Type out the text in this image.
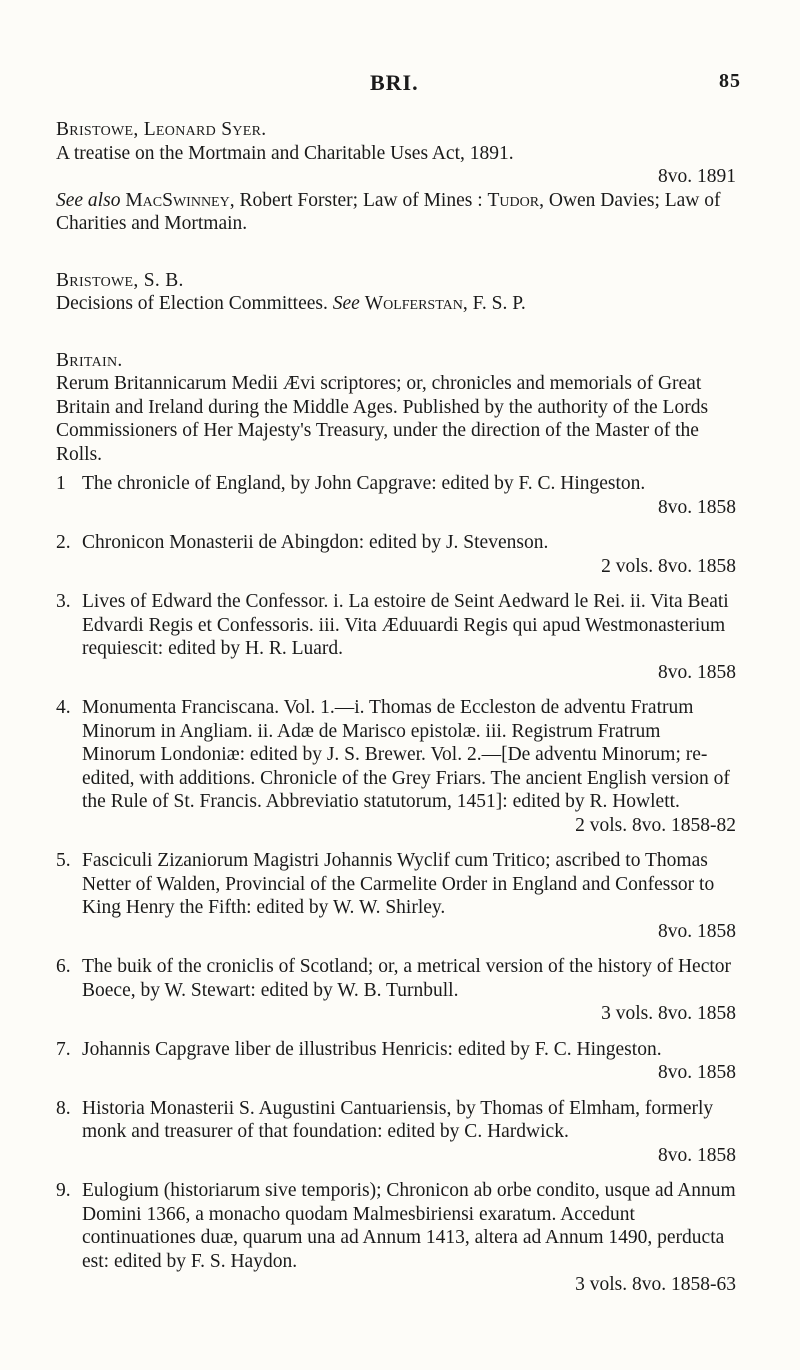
BRI.	85

Bristowe, Leonard Syer.

A treatise on the Mortmain and Charitable Uses Act, 1891.

8vo. 1891

See also MacSwinney, Robert Forster; Law of Mines : Tudor, Owen Davies; Law of Charities and Mortmain.

Bristowe, S. B.

Decisions of Election Committees. See Wolferstan, F. S. P.

Britain.

Rerum Britannicarum Medii Ævi scriptores; or, chronicles and memorials of Great Britain and Ireland during the Middle Ages. Published by the authority of the Lords Commissioners of Her Majesty's Treasury, under the direction of the Master of the Rolls.

1 The chronicle of England, by John Capgrave: edited by F. C. Hingeston.
8vo. 1858
2. Chronicon Monasterii de Abingdon: edited by J. Stevenson.
2 vols. 8vo. 1858
3. Lives of Edward the Confessor. i. La estoire de Seint Aedward le Rei. ii. Vita Beati Edvardi Regis et Confessoris. iii. Vita Æduuardi Regis qui apud Westmonasterium requiescit: edited by H. R. Luard.
8vo. 1858
4. Monumenta Franciscana. Vol. 1.—i. Thomas de Eccleston de adventu Fratrum Minorum in Angliam. ii. Adæ de Marisco epistolæ. iii. Registrum Fratrum Minorum Londoniæ: edited by J. S. Brewer. Vol. 2.—[De adventu Minorum; re-edited, with additions. Chronicle of the Grey Friars. The ancient English version of the Rule of St. Francis. Abbreviatio statutorum, 1451]: edited by R. Howlett.
2 vols. 8vo. 1858-82
5. Fasciculi Zizaniorum Magistri Johannis Wyclif cum Tritico; ascribed to Thomas Netter of Walden, Provincial of the Carmelite Order in England and Confessor to King Henry the Fifth: edited by W. W. Shirley.
8vo. 1858
6. The buik of the croniclis of Scotland; or, a metrical version of the history of Hector Boece, by W. Stewart: edited by W. B. Turnbull.
3 vols. 8vo. 1858
7. Johannis Capgrave liber de illustribus Henricis: edited by F. C. Hingeston.
8vo. 1858
8. Historia Monasterii S. Augustini Cantuariensis, by Thomas of Elmham, formerly monk and treasurer of that foundation: edited by C. Hardwick.
8vo. 1858
9. Eulogium (historiarum sive temporis); Chronicon ab orbe condito, usque ad Annum Domini 1366, a monacho quodam Malmesbiriensi exaratum. Accedunt continuationes duæ, quarum una ad Annum 1413, altera ad Annum 1490, perducta est: edited by F. S. Haydon.
3 vols. 8vo. 1858-63
